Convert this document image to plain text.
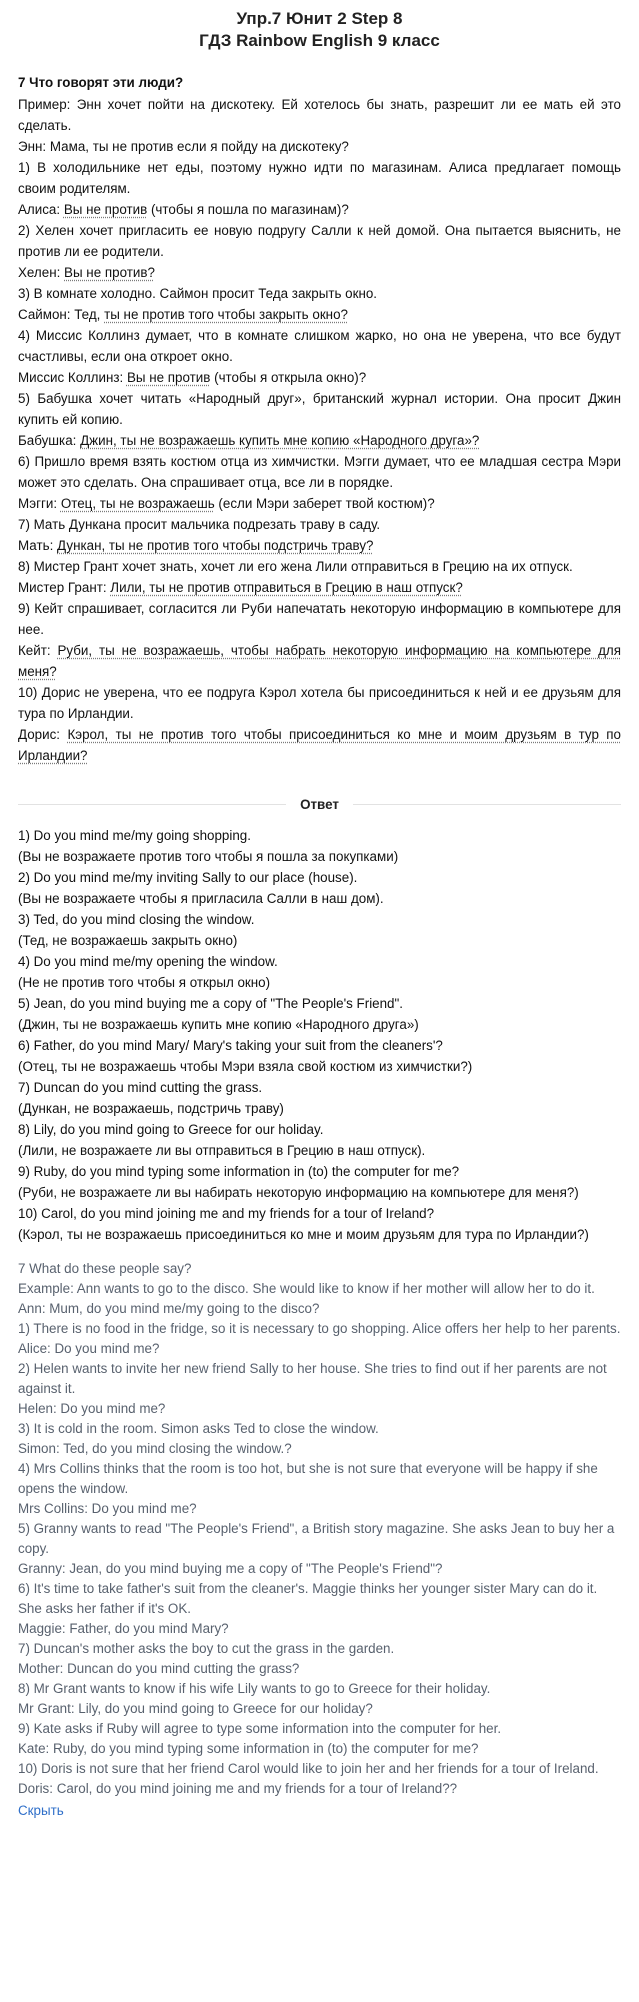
Упр.7 Юнит 2 Step 8
ГДЗ Rainbow English 9 класс
7 Что говорят эти люди?
Пример: Энн хочет пойти на дискотеку. Ей хотелось бы знать, разрешит ли ее мать ей это сделать.
Энн: Мама, ты не против если я пойду на дискотеку?
1) В холодильнике нет еды, поэтому нужно идти по магазинам. Алиса предлагает помощь своим родителям.
Алиса: Вы не против (чтобы я пошла по магазинам)?
2) Хелен хочет пригласить ее новую подругу Салли к ней домой. Она пытается выяснить, не против ли ее родители.
Хелен: Вы не против?
3) В комнате холодно. Саймон просит Теда закрыть окно.
Саймон: Тед, ты не против того чтобы закрыть окно?
4) Миссис Коллинз думает, что в комнате слишком жарко, но она не уверена, что все будут счастливы, если она откроет окно.
Миссис Коллинз: Вы не против (чтобы я открыла окно)?
5) Бабушка хочет читать «Народный друг», британский журнал истории. Она просит Джин купить ей копию.
Бабушка: Джин, ты не возражаешь купить мне копию «Народного друга»?
6) Пришло время взять костюм отца из химчистки. Мэгги думает, что ее младшая сестра Мэри может это сделать. Она спрашивает отца, все ли в порядке.
Мэгги: Отец, ты не возражаешь (если Мэри заберет твой костюм)?
7) Мать Дункана просит мальчика подрезать траву в саду.
Мать: Дункан, ты не против того чтобы подстричь траву?
8) Мистер Грант хочет знать, хочет ли его жена Лили отправиться в Грецию на их отпуск.
Мистер Грант: Лили, ты не против отправиться в Грецию в наш отпуск?
9) Кейт спрашивает, согласится ли Руби напечатать некоторую информацию в компьютере для нее.
Кейт: Руби, ты не возражаешь, чтобы набрать некоторую информацию на компьютере для меня?
10) Дорис не уверена, что ее подруга Кэрол хотела бы присоединиться к ней и ее друзьям для тура по Ирландии.
Дорис: Кэрол, ты не против того чтобы присоединиться ко мне и моим друзьям в тур по Ирландии?
Ответ
1) Do you mind me/my going shopping.
(Вы не возражаете против того чтобы я пошла за покупками)
2) Do you mind me/my inviting Sally to our place (house).
(Вы не возражаете чтобы я пригласила Салли в наш дом).
3) Ted, do you mind closing the window.
(Тед, не возражаешь закрыть окно)
4) Do you mind me/my opening the window.
(Не не против того чтобы я открыл окно)
5) Jean, do you mind buying me a copy of "The People's Friend".
(Джин, ты не возражаешь купить мне копию «Народного друга»)
6) Father, do you mind Mary/ Mary's taking your suit from the cleaners'?
(Отец, ты не возражаешь чтобы Мэри взяла свой костюм из химчистки?)
7) Duncan do you mind cutting the grass.
(Дункан, не возражаешь, подстричь траву)
8) Lily, do you mind going to Greece for our holiday.
(Лили, не возражаете ли вы отправиться в Грецию в наш отпуск).
9) Ruby, do you mind typing some information in (to) the computer for me?
(Руби, не возражаете ли вы набирать некоторую информацию на компьютере для меня?)
10) Carol, do you mind joining me and my friends for a tour of Ireland?
(Кэрол, ты не возражаешь присоединиться ко мне и моим друзьям для тура по Ирландии?)
7 What do these people say?
Example: Ann wants to go to the disco. She would like to know if her mother will allow her to do it.
Ann: Mum, do you mind me/my going to the disco?
1) There is no food in the fridge, so it is necessary to go shopping. Alice offers her help to her parents.
Alice: Do you mind me?
2) Helen wants to invite her new friend Sally to her house. She tries to find out if her parents are not against it.
Helen: Do you mind me?
3) It is cold in the room. Simon asks Ted to close the window.
Simon: Ted, do you mind closing the window.?
4) Mrs Collins thinks that the room is too hot, but she is not sure that everyone will be happy if she opens the window.
Mrs Collins: Do you mind me?
5) Granny wants to read "The People's Friend", a British story magazine. She asks Jean to buy her a copy.
Granny: Jean, do you mind buying me a copy of "The People's Friend"?
6) It's time to take father's suit from the cleaner's. Maggie thinks her younger sister Mary can do it. She asks her father if it's OK.
Maggie: Father, do you mind Mary?
7) Duncan's mother asks the boy to cut the grass in the garden.
Mother: Duncan do you mind cutting the grass?
8) Mr Grant wants to know if his wife Lily wants to go to Greece for their holiday.
Mr Grant: Lily, do you mind going to Greece for our holiday?
9) Kate asks if Ruby will agree to type some information into the computer for her.
Kate: Ruby, do you mind typing some information in (to) the computer for me?
10) Doris is not sure that her friend Carol would like to join her and her friends for a tour of Ireland.
Doris: Carol, do you mind joining me and my friends for a tour of Ireland??
Скрыть
